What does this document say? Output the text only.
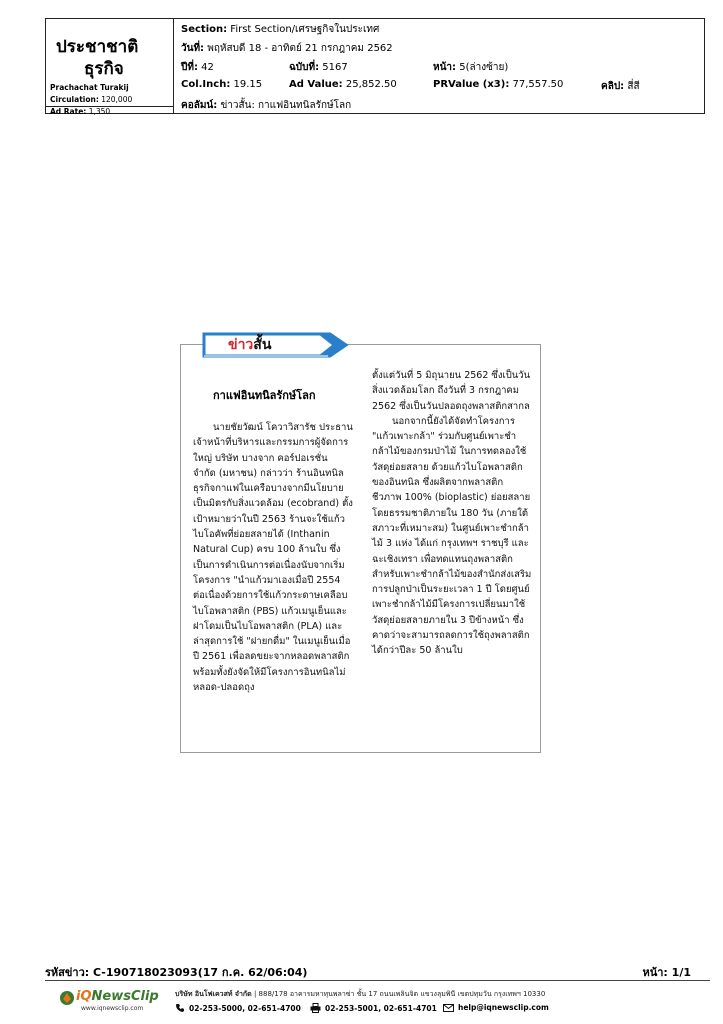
ประชาชาติ
ธุรกิจ
Prachachat Turakij
Circulation: 120,000
Ad Rate: 1,350
Section: First Section/เศรษฐกิจในประเทศ
วันที่: พฤหัสบดี 18 - อาทิตย์ 21 กรกฎาคม 2562
ปีที่: 42	ฉบับที่: 5167	หน้า: 5(ล่างซ้าย)
Col.Inch: 19.15	Ad Value: 25,852.50	PRValue (x3): 77,557.50	คลิป: สี่สี
คอลัมน์: ข่าวสั้น: กาแฟอินทนิลรักษ์โลก
ข่าวสั้น
กาแฟอินทนิลรักษ์โลก

นายชัยวัฒน์ โควาวิสารัช ประธานเจ้าหน้าที่บริหารและกรรมการผู้จัดการใหญ่ บริษัท บางจาก คอร์ปอเรชั่น จำกัด (มหาชน) กล่าวว่า ร้านอินทนิลธุรกิจกาแฟในเครือบางจากมีนโยบายเป็นมิตรกับสิ่งแวดล้อม (ecobrand) ตั้งเป้าหมายว่าในปี 2563 ร้านจะใช้แก้วไบโอคัพที่ย่อยสลายได้ (Inthanin Natural Cup) ครบ 100 ล้านใบ ซึ่งเป็นการดำเนินการต่อเนื่องนับจากเริ่มโครงการ "นำแก้วมาเองเมื่อปี 2554 ต่อเนื่องด้วยการใช้แก้วกระดาษเคลือบไบโอพลาสติก (PBS) แก้วเมนูเย็นและฝาโดมเป็นไบโอพลาสติก (PLA) และล่าสุดการใช้ "ฝายกดื่ม" ในเมนูเย็นเมื่อปี 2561 เพื่อลดขยะจากหลอดพลาสติก พร้อมทั้งยังจัดให้มีโครงการอินทนิลไม่หลอด-ปลอดถุง

ตั้งแต่วันที่ 5 มิถุนายน 2562 ซึ่งเป็นวันสิ่งแวดล้อมโลก ถึงวันที่ 3 กรกฎาคม 2562 ซึ่งเป็นวันปลอดถุงพลาสติกสากล

นอกจากนี้ยังได้จัดทำโครงการ "แก้วเพาะกล้า" ร่วมกับศูนย์เพาะชำกล้าไม้ของกรมป่าไม้ ในการทดลองใช้วัสดุย่อยสลาย ด้วยแก้วไบโอพลาสติกของอินทนิล ซึ่งผลิตจากพลาสติกชีวภาพ 100% (bioplastic) ย่อยสลายโดยธรรมชาติภายใน 180 วัน (ภายใต้สภาวะที่เหมาะสม) ในศูนย์เพาะชำกล้าไม้ 3 แห่ง ได้แก่ กรุงเทพฯ ราชบุรี และฉะเชิงเทรา เพื่อทดแทนถุงพลาสติกสำหรับเพาะชำกล้าไม้ของสำนักส่งเสริมการปลูกป่าเป็นระยะเวลา 1 ปี โดยศูนย์เพาะชำกล้าไม้มีโครงการเปลี่ยนมาใช้วัสดุย่อยสลายภายใน 3 ปีข้างหน้า ซึ่งคาดว่าจะสามารถลดการใช้ถุงพลาสติกได้กว่าปีละ 50 ล้านใบ

รหัสข่าว: C-190718023093(17 ก.ค. 62/06:04)	หน้า: 1/1
iQNewsClip
www.iqnewsclip.com
บริษัท อินโฟเควสท์ จำกัด | 888/178 อาคารมหาทุนพลาซ่า ชั้น 17 ถนนเพลินจิต แขวงลุมพินี เขตปทุมวัน กรุงเทพฯ 10330
02-253-5000, 02-651-4700	02-253-5001, 02-651-4701	help@iqnewsclip.com
